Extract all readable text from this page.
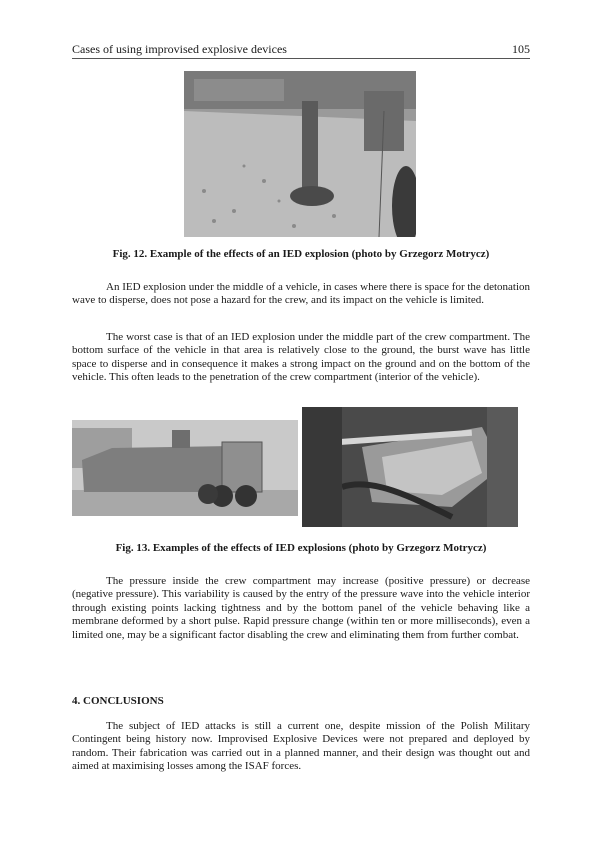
Cases of using improvised explosive devices	105
Fig. 12. Example of the effects of an IED explosion (photo by Grzegorz Motrycz)

An IED explosion under the middle of a vehicle, in cases where there is space for the detonation wave to disperse, does not pose a hazard for the crew, and its impact on the vehicle is limited.

The worst case is that of an IED explosion under the middle part of the crew compartment. The bottom surface of the vehicle in that area is relatively close to the ground, the burst wave has little space to disperse and in consequence it makes a strong impact on the ground and on the bottom of the vehicle. This often leads to the penetration of the crew compartment (interior of the vehicle).

Fig. 13. Examples of the effects of IED explosions (photo by Grzegorz Motrycz)

The pressure inside the crew compartment may increase (positive pressure) or decrease (negative pressure). This variability is caused by the entry of the pressure wave into the vehicle interior through existing points lacking tightness and by the bottom panel of the vehicle behaving like a membrane deformed by a short pulse. Rapid pressure change (within ten or more milliseconds), even a limited one, may be a significant factor disabling the crew and eliminating them from further combat.

4. CONCLUSIONS

The subject of IED attacks is still a current one, despite mission of the Polish Military Contingent being history now. Improvised Explosive Devices were not prepared and deployed by random. Their fabrication was carried out in a planned manner, and their design was thought out and aimed at maximising losses among the ISAF forces.
